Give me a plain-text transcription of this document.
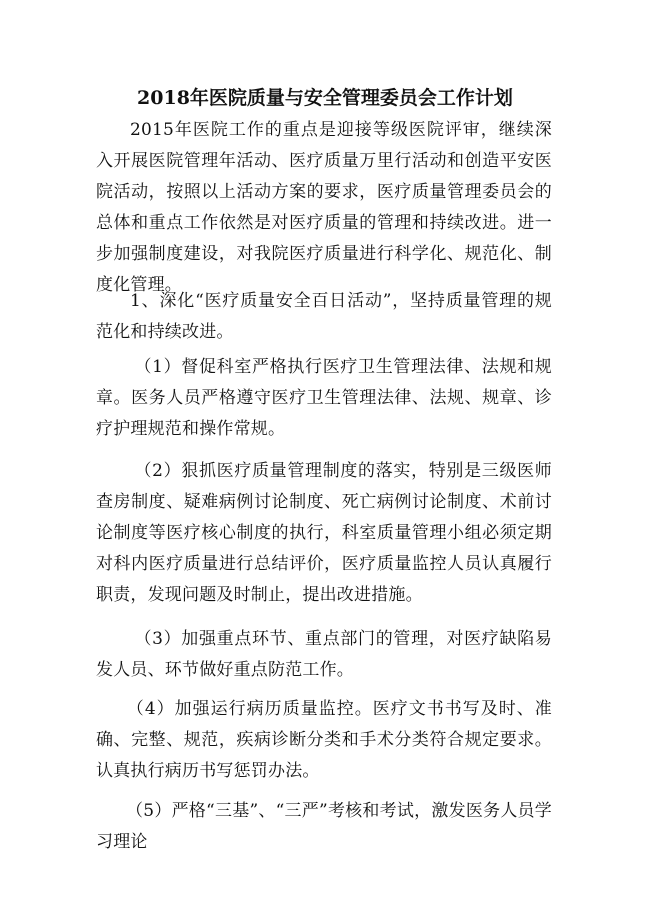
2018年医院质量与安全管理委员会工作计划

2015年医院工作的重点是迎接等级医院评审，继续深入开展医院管理年活动、医疗质量万里行活动和创造平安医院活动，按照以上活动方案的要求，医疗质量管理委员会的总体和重点工作依然是对医疗质量的管理和持续改进。进一步加强制度建设，对我院医疗质量进行科学化、规范化、制度化管理。

1、深化“医疗质量安全百日活动”，坚持质量管理的规范化和持续改进。

（1）督促科室严格执行医疗卫生管理法律、法规和规章。医务人员严格遵守医疗卫生管理法律、法规、规章、诊疗护理规范和操作常规。

（2）狠抓医疗质量管理制度的落实，特别是三级医师查房制度、疑难病例讨论制度、死亡病例讨论制度、术前讨论制度等医疗核心制度的执行，科室质量管理小组必须定期对科内医疗质量进行总结评价，医疗质量监控人员认真履行职责，发现问题及时制止，提出改进措施。

（3）加强重点环节、重点部门的管理，对医疗缺陷易发人员、环节做好重点防范工作。

（4）加强运行病历质量监控。医疗文书书写及时、准确、完整、规范，疾病诊断分类和手术分类符合规定要求。认真执行病历书写惩罚办法。

（5）严格“三基”、“三严”考核和考试，激发医务人员学习理论
